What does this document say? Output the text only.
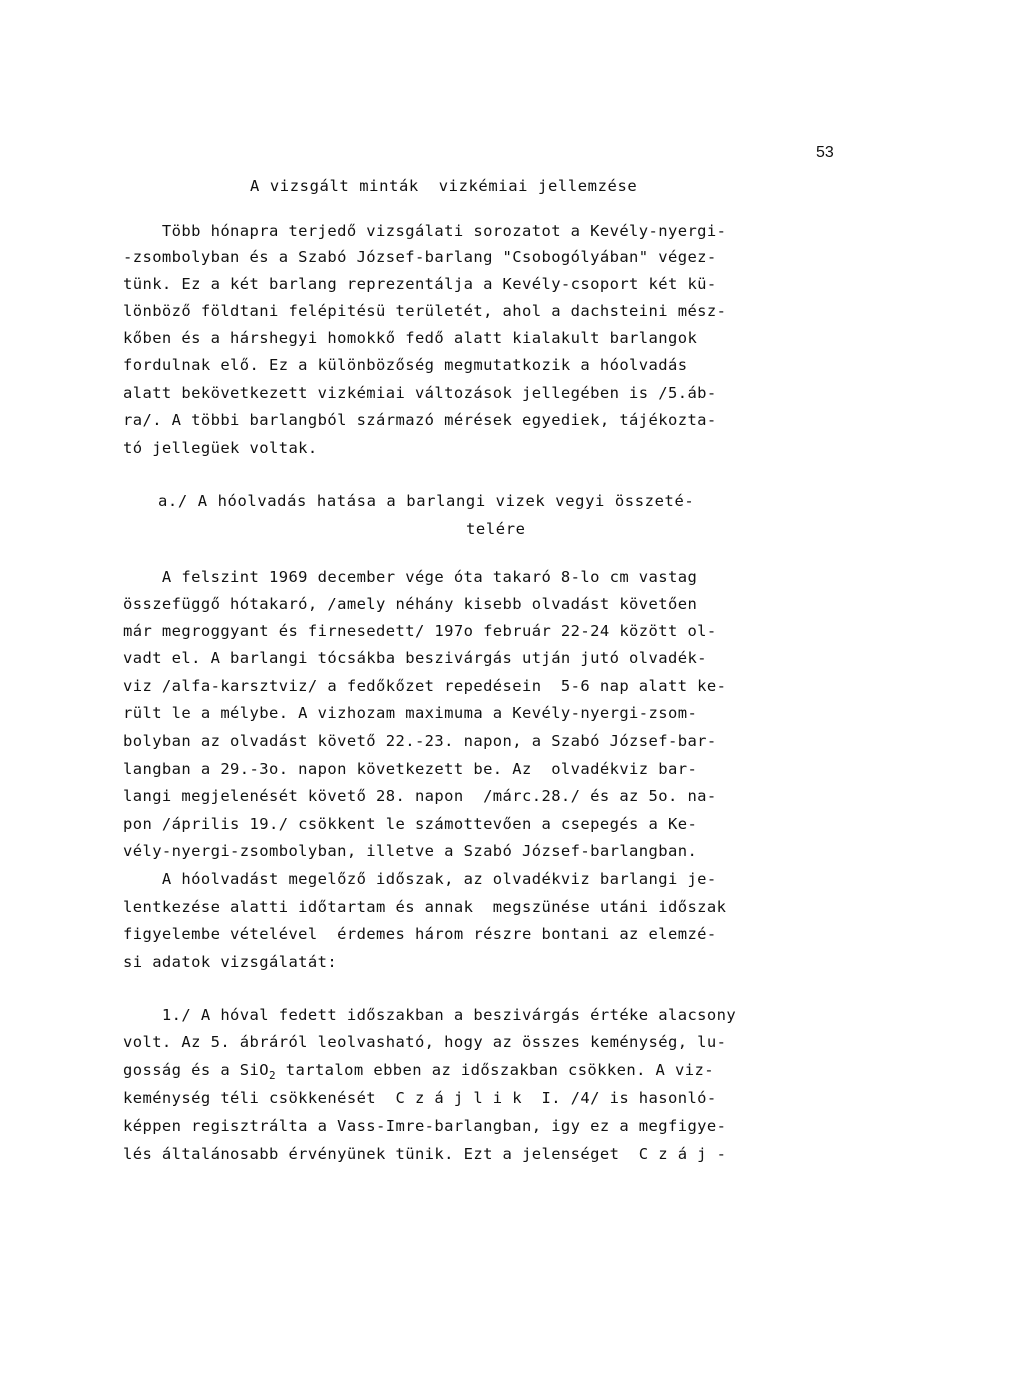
53
A vizsgált minták  vizkémiai jellemzése

Több hónapra terjedő vizsgálati sorozatot a Kevély-nyergi-

-zsombolyban és a Szabó József-barlang "Csobogólyában" végez-

tünk. Ez a két barlang reprezentálja a Kevély-csoport két kü-

lönböző földtani felépitésü területét, ahol a dachsteini mész-

kőben és a hárshegyi homokkő fedő alatt kialakult barlangok

fordulnak elő. Ez a különbözőség megmutatkozik a hóolvadás

alatt bekövetkezett vizkémiai változások jellegében is /5.áb-

ra/. A többi barlangból származó mérések egyediek, tájékozta-

tó jellegüek voltak.

a./ A hóolvadás hatása a barlangi vizek vegyi összeté-

telére

A felszint 1969 december vége óta takaró 8-lo cm vastag

összefüggő hótakaró, /amely néhány kisebb olvadást követően

már megroggyant és firnesedett/ 197o február 22-24 között ol-

vadt el. A barlangi tócsákba beszivárgás utján jutó olvadék-

viz /alfa-karsztviz/ a fedőkőzet repedésein  5-6 nap alatt ke-

rült le a mélybe. A vizhozam maximuma a Kevély-nyergi-zsom-

bolyban az olvadást követő 22.-23. napon, a Szabó József-bar-

langban a 29.-3o. napon következett be. Az  olvadékviz bar-

langi megjelenését követő 28. napon  /márc.28./ és az 5o. na-

pon /április 19./ csökkent le számottevően a csepegés a Ke-

vély-nyergi-zsombolyban, illetve a Szabó József-barlangban.

A hóolvadást megelőző időszak, az olvadékviz barlangi je-

lentkezése alatti időtartam és annak  megszünése utáni időszak

figyelembe vételével  érdemes három részre bontani az elemzé-

si adatok vizsgálatát:

1./ A hóval fedett időszakban a beszivárgás értéke alacsony

volt. Az 5. ábráról leolvasható, hogy az összes keménység, lu-

gosság és a SiO$_2$ tartalom ebben az időszakban csökken. A viz-

keménység téli csökkenését  C z á j l i k  I. /4/ is hasonló-

képpen regisztrálta a Vass-Imre-barlangban, igy ez a megfigye-

lés általánosabb érvényünek tünik. Ezt a jelenséget  C z á j -
